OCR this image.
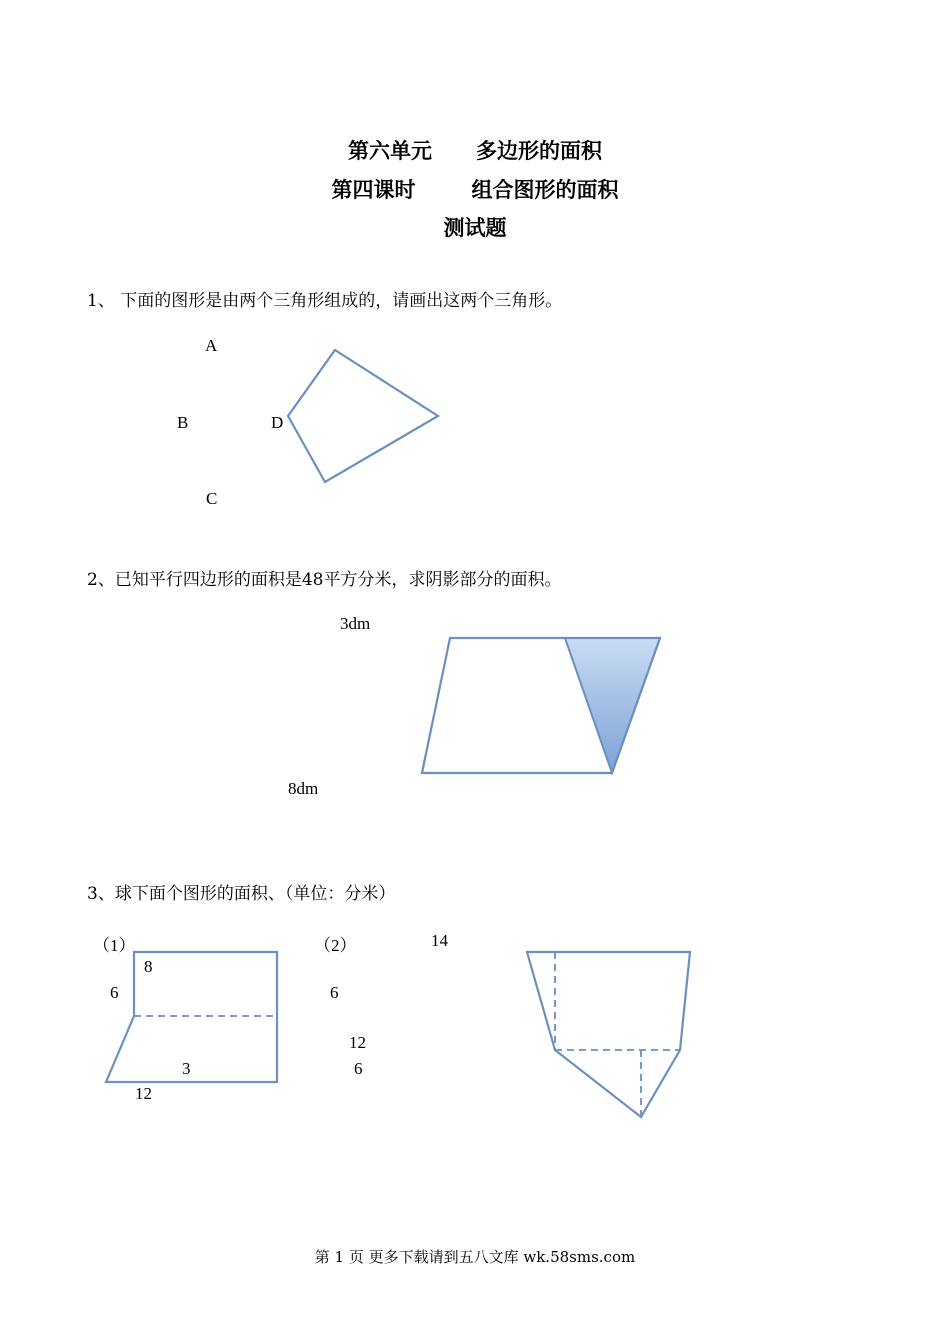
第六单元 多边形的面积
第四课时	组合图形的面积
测试题
1、 下面的图形是由两个三角形组成的，请画出这两个三角形。
A
B	D
C
2、已知平行四边形的面积是48平方分米，求阴影部分的面积。
3dm
8dm
3、球下面个图形的面积、（单位：分米）
（1）
8
6
3
12
（2）	14
6
12
6
第 1 页 更多下载请到五八文库 wk.58sms.com
